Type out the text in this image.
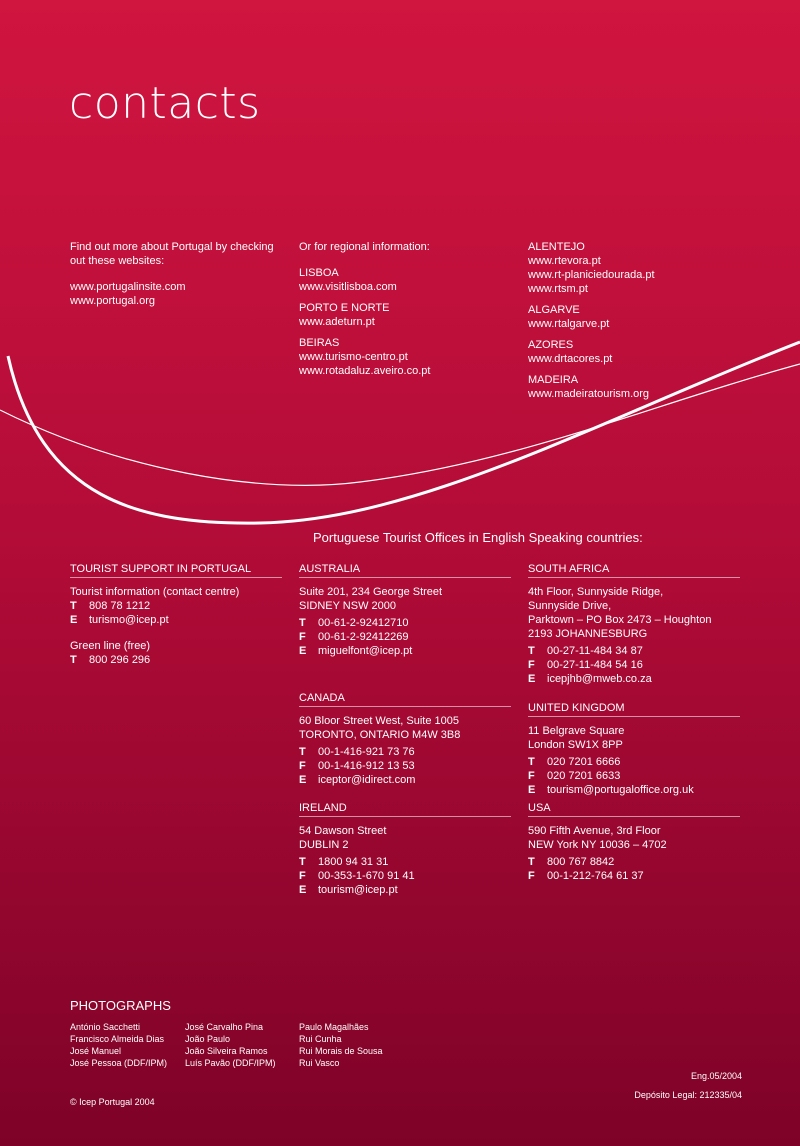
contacts

Find out more about Portugal by checking out these websites:

www.portugalinsite.com

www.portugal.org

Or for regional information:

LISBOA

www.visitlisboa.com

PORTO E NORTE

www.adeturn.pt

BEIRAS

www.turismo-centro.pt

www.rotadaluz.aveiro.co.pt

ALENTEJO

www.rtevora.pt

www.rt-planiciedourada.pt

www.rtsm.pt

ALGARVE

www.rtalgarve.pt

AZORES

www.drtacores.pt

MADEIRA

www.madeiratourism.org

Portuguese Tourist Offices in English Speaking countries:
TOURIST SUPPORT IN PORTUGAL

Tourist information (contact centre)

T	808 78 1212
E	turismo@icep.pt

Green line (free)

T	800 296 296
AUSTRALIA

Suite 201, 234 George Street

SIDNEY NSW 2000

T	00-61-2-92412710
F	00-61-2-92412269
E	miguelfont@icep.pt
CANADA

60 Bloor Street West, Suite 1005

TORONTO, ONTARIO M4W 3B8

T	00-1-416-921 73 76
F	00-1-416-912 13 53
E	iceptor@idirect.com
IRELAND

54 Dawson Street

DUBLIN 2

T	1800 94 31 31
F	00-353-1-670 91 41
E	tourism@icep.pt
SOUTH AFRICA

4th Floor, Sunnyside Ridge,

Sunnyside Drive,

Parktown – PO Box 2473 – Houghton

2193 JOHANNESBURG

T	00-27-11-484 34 87
F	00-27-11-484 54 16
E	icepjhb@mweb.co.za
UNITED KINGDOM

11 Belgrave Square

London SW1X 8PP

T	020 7201 6666
F	020 7201 6633
E	tourism@portugaloffice.org.uk
USA

590 Fifth Avenue, 3rd Floor

NEW York NY 10036 – 4702

T	800 767 8842
F	00-1-212-764 61 37
PHOTOGRAPHS
António Sacchetti
Francisco Almeida Dias
José Manuel
José Pessoa (DDF/IPM)
José Carvalho Pina
João Paulo
João Silveira Ramos
Luís Pavão (DDF/IPM)
Paulo Magalhães
Rui Cunha
Rui Morais de Sousa
Rui Vasco
Eng.05/2004
Depósito Legal: 212335/04
© Icep Portugal 2004
